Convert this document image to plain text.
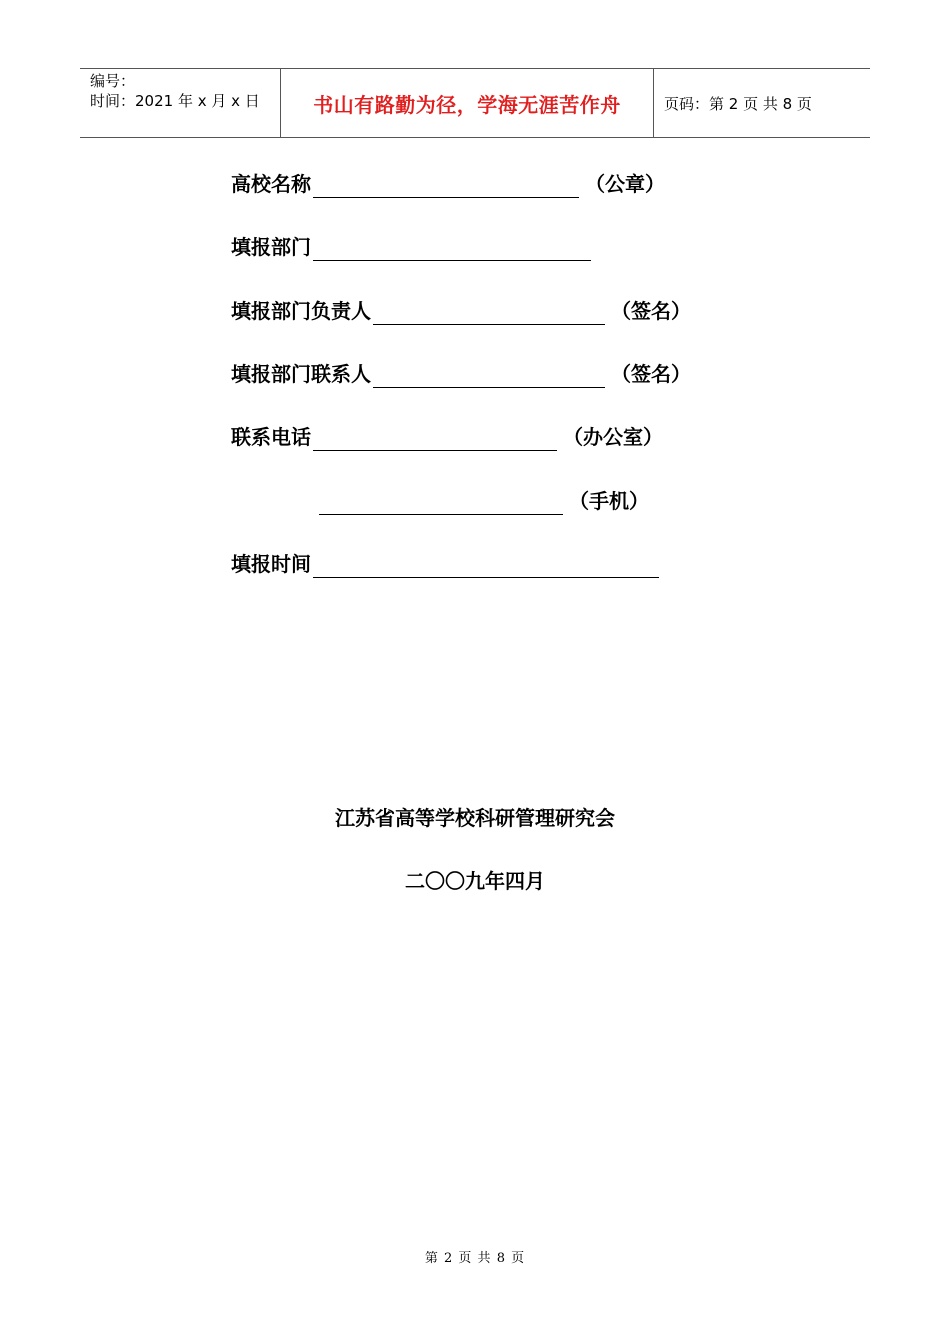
编号：
时间：2021 年 x 月 x 日	书山有路勤为径，学海无涯苦作舟	页码：第 2 页 共 8 页
高校名称	（公章）
填报部门
填报部门负责人	（签名）
填报部门联系人	（签名）
联系电话	（办公室）
（手机）
填报时间
江苏省高等学校科研管理研究会
二〇〇九年四月
第 2 页 共 8 页
